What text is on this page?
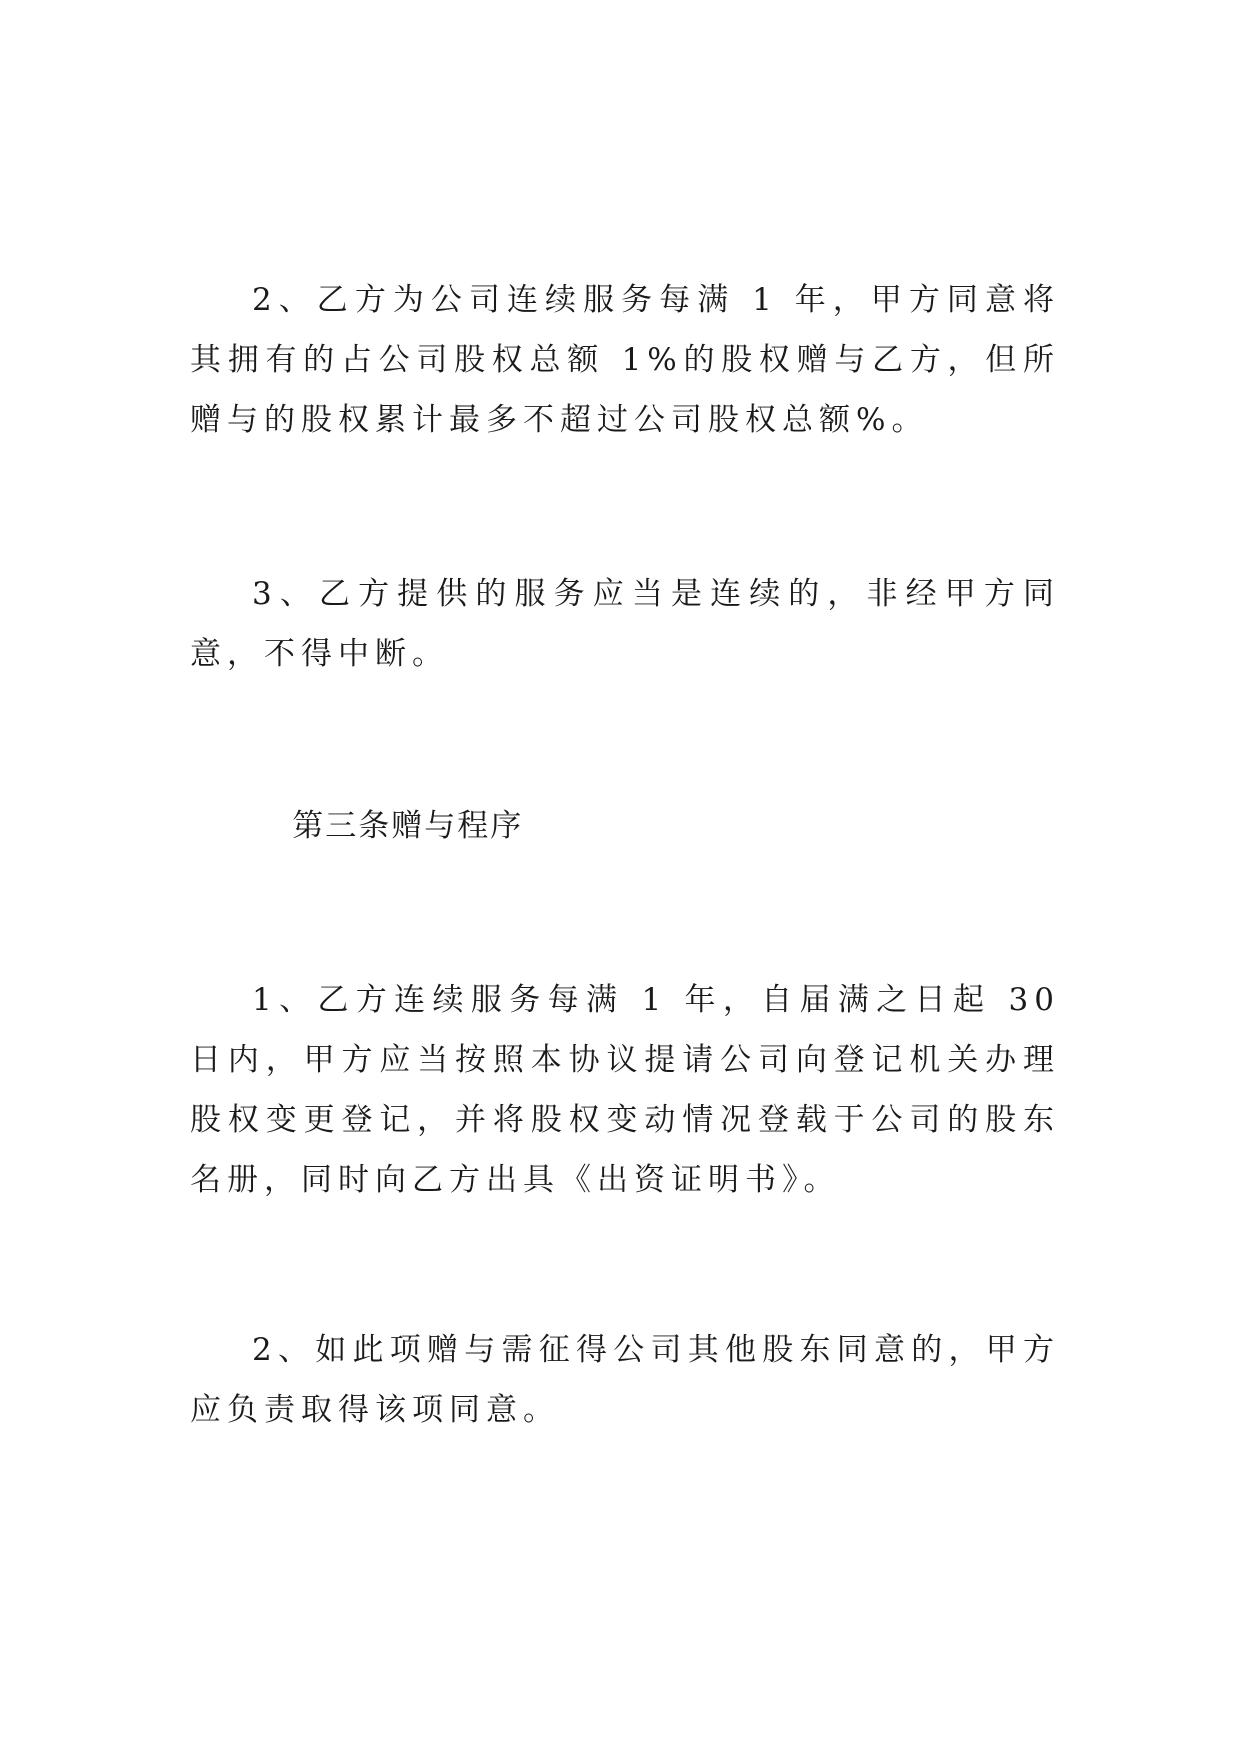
2、乙方为公司连续服务每满 1 年，甲方同意将其拥有的占公司股权总额 1%的股权赠与乙方，但所赠与的股权累计最多不超过公司股权总额%。

3、乙方提供的服务应当是连续的，非经甲方同意，不得中断。

第三条赠与程序

1、乙方连续服务每满 1 年，自届满之日起 30 日内，甲方应当按照本协议提请公司向登记机关办理股权变更登记，并将股权变动情况登载于公司的股东名册，同时向乙方出具《出资证明书》。

2、如此项赠与需征得公司其他股东同意的，甲方应负责取得该项同意。
